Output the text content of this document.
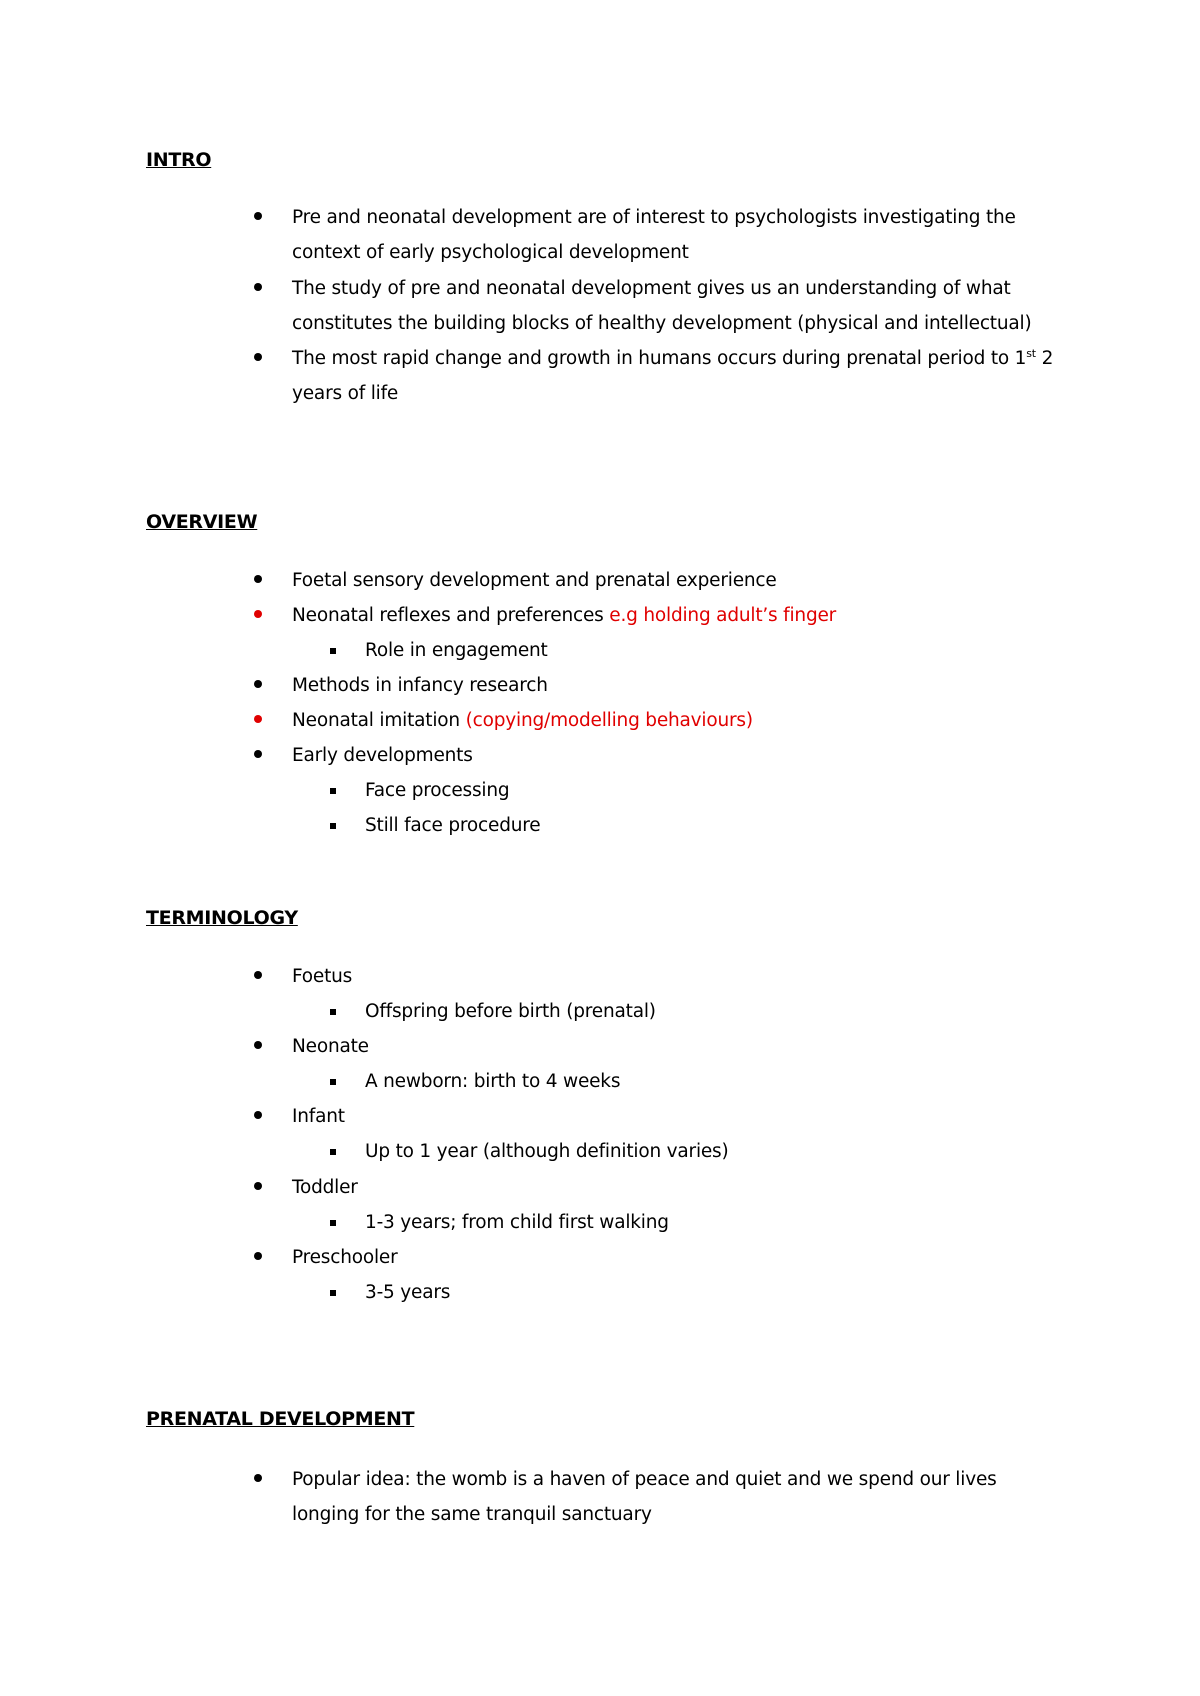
INTRO
Pre and neonatal development are of interest to psychologists investigating the
context of early psychological development
The study of pre and neonatal development gives us an understanding of what
constitutes the building blocks of healthy development (physical and intellectual)
The most rapid change and growth in humans occurs during prenatal period to 1st 2
years of life
OVERVIEW
Foetal sensory development and prenatal experience
Neonatal reflexes and preferences e.g holding adult’s finger
Role in engagement
Methods in infancy research
Neonatal imitation (copying/modelling behaviours)
Early developments
Face processing
Still face procedure
TERMINOLOGY
Foetus
Offspring before birth (prenatal)
Neonate
A newborn: birth to 4 weeks
Infant
Up to 1 year (although definition varies)
Toddler
1-3 years; from child first walking
Preschooler
3-5 years
PRENATAL DEVELOPMENT
Popular idea: the womb is a haven of peace and quiet and we spend our lives
longing for the same tranquil sanctuary
